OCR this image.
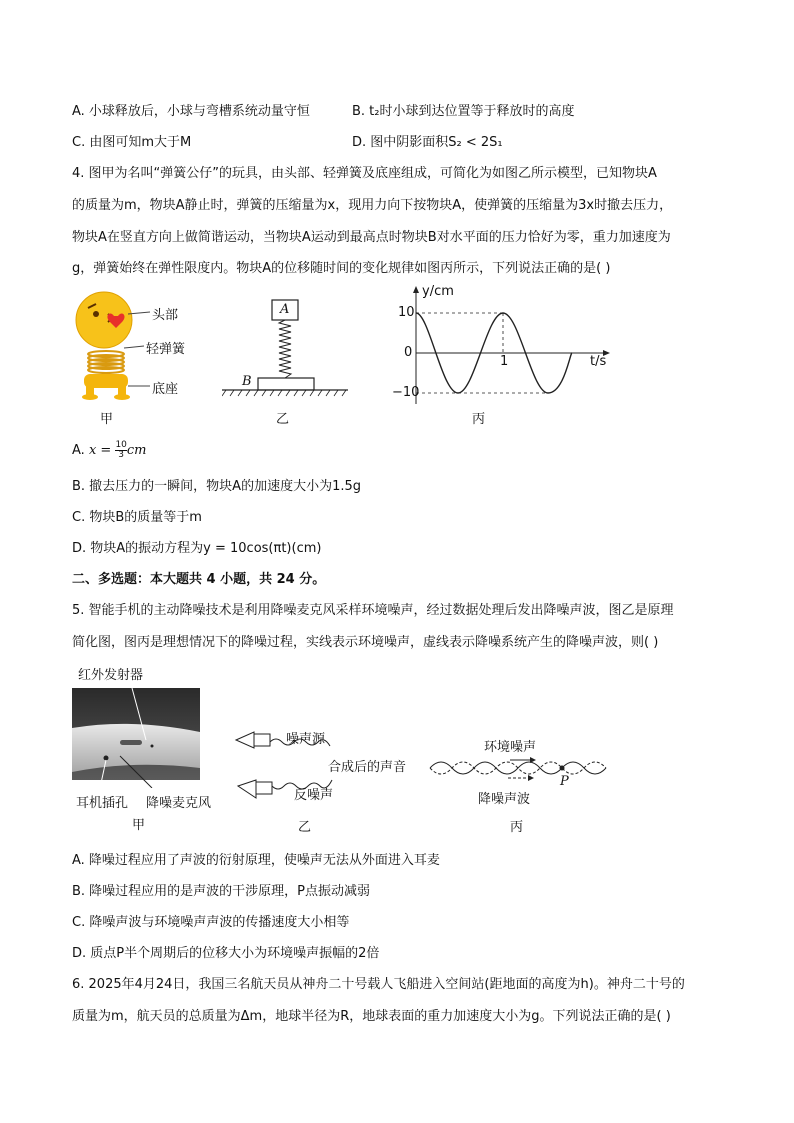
A. 小球释放后，小球与弯槽系统动量守恒	B. t₂时小球到达位置等于释放时的高度
C. 由图可知m大于M	D. 图中阴影面积S₂ < 2S₁
4. 图甲为名叫“弹簧公仔”的玩具，由头部、轻弹簧及底座组成，可简化为如图乙所示模型，已知物块A
的质量为m，物块A静止时，弹簧的压缩量为x，现用力向下按物块A，使弹簧的压缩量为3x时撤去压力，
物块A在竖直方向上做简谐运动，当物块A运动到最高点时物块B对水平面的压力恰好为零，重力加速度为
g，弹簧始终在弹性限度内。物块A的位移随时间的变化规律如图丙所示，下列说法正确的是( )
头部
轻弹簧
底座
甲
A
B
乙
y/cm
t/s
10
0
−10
1
丙
A. $x = \frac{10}{3}$ cm
B. 撤去压力的一瞬间，物块A的加速度大小为1.5g
C. 物块B的质量等于m
D. 物块A的振动方程为y = 10cos(πt)(cm)
二、多选题：本大题共 4 小题，共 24 分。
5. 智能手机的主动降噪技术是利用降噪麦克风采样环境噪声，经过数据处理后发出降噪声波，图乙是原理
简化图，图丙是理想情况下的降噪过程，实线表示环境噪声，虚线表示降噪系统产生的降噪声波，则( )
红外发射器
耳机插孔 降噪麦克风
甲
噪声源
合成后的声音
反噪声
乙
环境噪声
P
降噪声波
丙
A. 降噪过程应用了声波的衍射原理，使噪声无法从外面进入耳麦
B. 降噪过程应用的是声波的干涉原理，P点振动减弱
C. 降噪声波与环境噪声声波的传播速度大小相等
D. 质点P半个周期后的位移大小为环境噪声振幅的2倍
6. 2025年4月24日，我国三名航天员从神舟二十号载人飞船进入空间站(距地面的高度为h)。神舟二十号的
质量为m，航天员的总质量为Δm，地球半径为R，地球表面的重力加速度大小为g。下列说法正确的是( )
